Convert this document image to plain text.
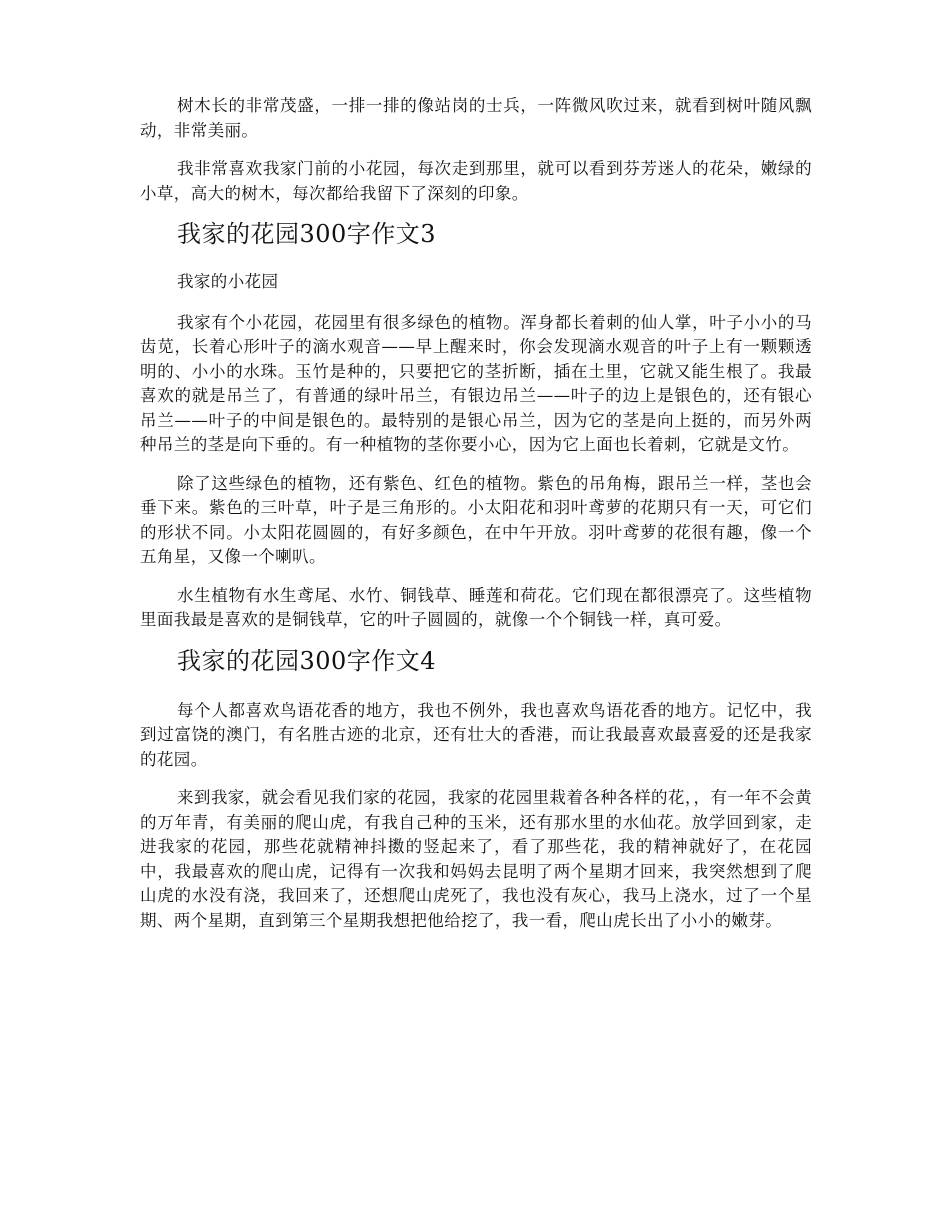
树木长的非常茂盛，一排一排的像站岗的士兵，一阵微风吹过来，就看到树叶随风飘动，非常美丽。

我非常喜欢我家门前的小花园，每次走到那里，就可以看到芬芳迷人的花朵，嫩绿的小草，高大的树木，每次都给我留下了深刻的印象。

我家的花园300字作文3

我家的小花园

我家有个小花园，花园里有很多绿色的植物。浑身都长着刺的仙人掌，叶子小小的马齿苋，长着心形叶子的滴水观音——早上醒来时，你会发现滴水观音的叶子上有一颗颗透明的、小小的水珠。玉竹是种的，只要把它的茎折断，插在土里，它就又能生根了。我最喜欢的就是吊兰了，有普通的绿叶吊兰，有银边吊兰——叶子的边上是银色的，还有银心吊兰——叶子的中间是银色的。最特别的是银心吊兰，因为它的茎是向上挺的，而另外两种吊兰的茎是向下垂的。有一种植物的茎你要小心，因为它上面也长着刺，它就是文竹。

除了这些绿色的植物，还有紫色、红色的植物。紫色的吊角梅，跟吊兰一样，茎也会垂下来。紫色的三叶草，叶子是三角形的。小太阳花和羽叶鸢萝的花期只有一天，可它们的形状不同。小太阳花圆圆的，有好多颜色，在中午开放。羽叶鸢萝的花很有趣，像一个五角星，又像一个喇叭。

水生植物有水生鸢尾、水竹、铜钱草、睡莲和荷花。它们现在都很漂亮了。这些植物里面我最是喜欢的是铜钱草，它的叶子圆圆的，就像一个个铜钱一样，真可爱。

我家的花园300字作文4

每个人都喜欢鸟语花香的地方，我也不例外，我也喜欢鸟语花香的地方。记忆中，我到过富饶的澳门，有名胜古迹的北京，还有壮大的香港，而让我最喜欢最喜爱的还是我家的花园。

来到我家，就会看见我们家的花园，我家的花园里栽着各种各样的花，，有一年不会黄的万年青，有美丽的爬山虎，有我自己种的玉米，还有那水里的水仙花。放学回到家，走进我家的花园，那些花就精神抖擞的竖起来了，看了那些花，我的精神就好了，在花园中，我最喜欢的爬山虎，记得有一次我和妈妈去昆明了两个星期才回来，我突然想到了爬山虎的水没有浇，我回来了，还想爬山虎死了，我也没有灰心，我马上浇水，过了一个星期、两个星期，直到第三个星期我想把他给挖了，我一看，爬山虎长出了小小的嫩芽。
